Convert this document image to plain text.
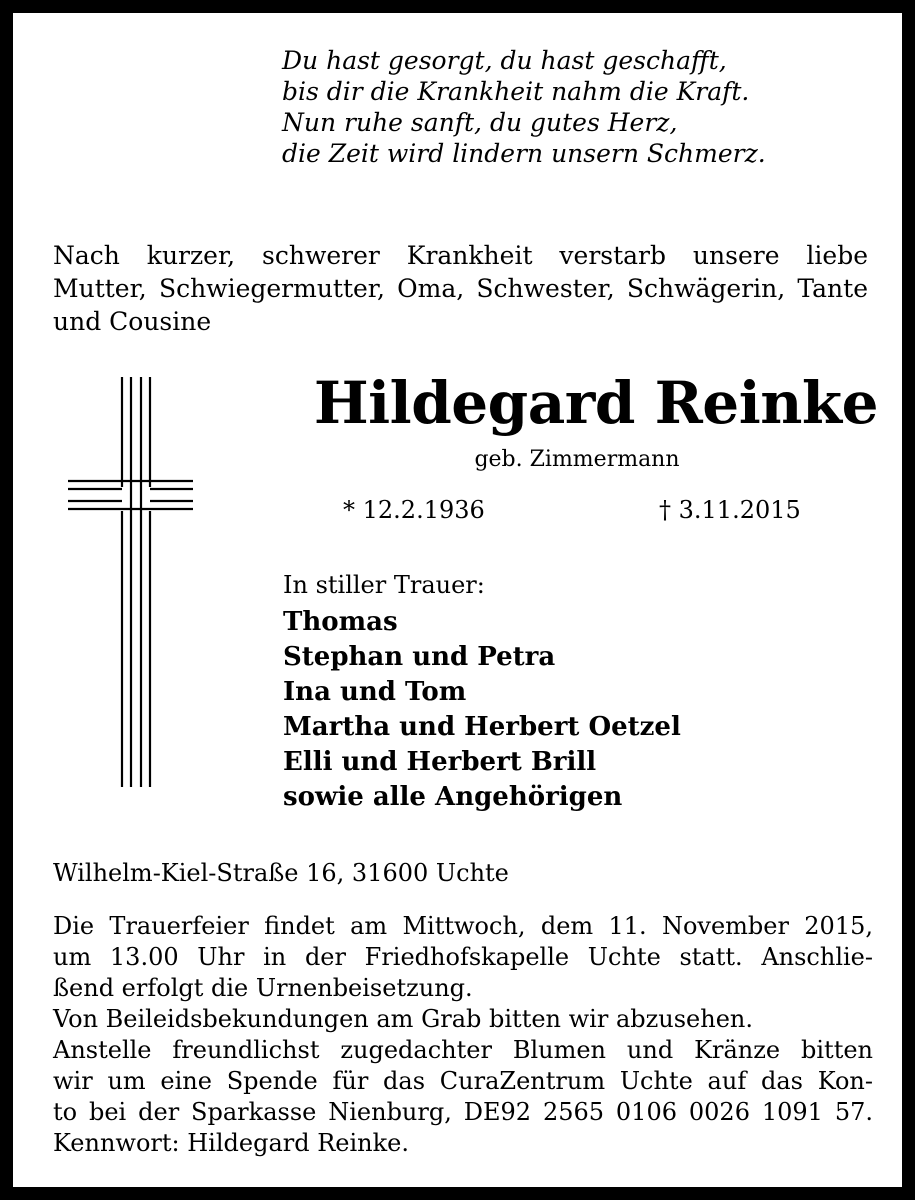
Du hast gesorgt, du hast geschafft,
bis dir die Krankheit nahm die Kraft.
Nun ruhe sanft, du gutes Herz,
die Zeit wird lindern unsern Schmerz.
Nach kurzer, schwerer Krankheit verstarb unsere liebe
Mutter, Schwiegermutter, Oma, Schwester, Schwägerin, Tante
und Cousine
Hildegard Reinke
geb. Zimmermann
* 12.2.1936	† 3.11.2015
In stiller Trauer:
Thomas
Stephan und Petra
Ina und Tom
Martha und Herbert Oetzel
Elli und Herbert Brill
sowie alle Angehörigen
Wilhelm-Kiel-Straße 16, 31600 Uchte
Die Trauerfeier findet am Mittwoch, dem 11. November 2015,
um 13.00 Uhr in der Friedhofskapelle Uchte statt. Anschlie-
ßend erfolgt die Urnenbeisetzung.
Von Beileidsbekundungen am Grab bitten wir abzusehen.
Anstelle freundlichst zugedachter Blumen und Kränze bitten
wir um eine Spende für das CuraZentrum Uchte auf das Kon-
to bei der Sparkasse Nienburg, DE92 2565 0106 0026 1091 57.
Kennwort: Hildegard Reinke.
